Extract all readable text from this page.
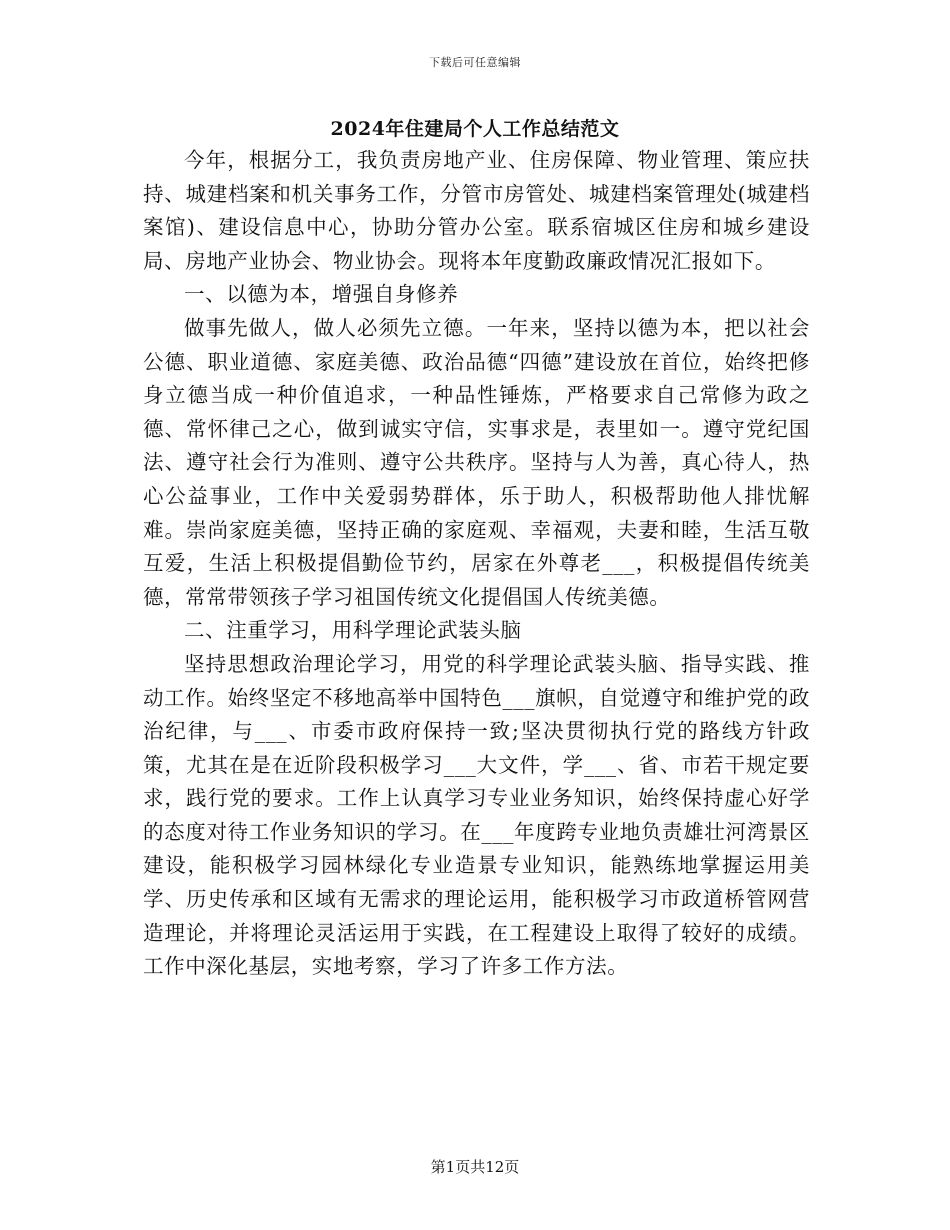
下载后可任意编辑
2024年住建局个人工作总结范文

今年，根据分工，我负责房地产业、住房保障、物业管理、策应扶持、城建档案和机关事务工作，分管市房管处、城建档案管理处(城建档案馆)、建设信息中心，协助分管办公室。联系宿城区住房和城乡建设局、房地产业协会、物业协会。现将本年度勤政廉政情况汇报如下。

一、以德为本，增强自身修养

做事先做人，做人必须先立德。一年来，坚持以德为本，把以社会公德、职业道德、家庭美德、政治品德“四德”建设放在首位，始终把修身立德当成一种价值追求，一种品性锤炼，严格要求自己常修为政之德、常怀律己之心，做到诚实守信，实事求是，表里如一。遵守党纪国法、遵守社会行为准则、遵守公共秩序。坚持与人为善，真心待人，热心公益事业，工作中关爱弱势群体，乐于助人，积极帮助他人排忧解难。崇尚家庭美德，坚持正确的家庭观、幸福观，夫妻和睦，生活互敬互爱，生活上积极提倡勤俭节约，居家在外尊老___，积极提倡传统美德，常常带领孩子学习祖国传统文化提倡国人传统美德。

二、注重学习，用科学理论武装头脑

坚持思想政治理论学习，用党的科学理论武装头脑、指导实践、推动工作。始终坚定不移地高举中国特色___旗帜，自觉遵守和维护党的政治纪律，与___、市委市政府保持一致;坚决贯彻执行党的路线方针政策，尤其在是在近阶段积极学习___大文件，学___、省、市若干规定要求，践行党的要求。工作上认真学习专业业务知识，始终保持虚心好学的态度对待工作业务知识的学习。在___年度跨专业地负责雄壮河湾景区建设，能积极学习园林绿化专业造景专业知识，能熟练地掌握运用美学、历史传承和区域有无需求的理论运用，能积极学习市政道桥管网营造理论，并将理论灵活运用于实践，在工程建设上取得了较好的成绩。工作中深化基层，实地考察，学习了许多工作方法。

第1页共12页
